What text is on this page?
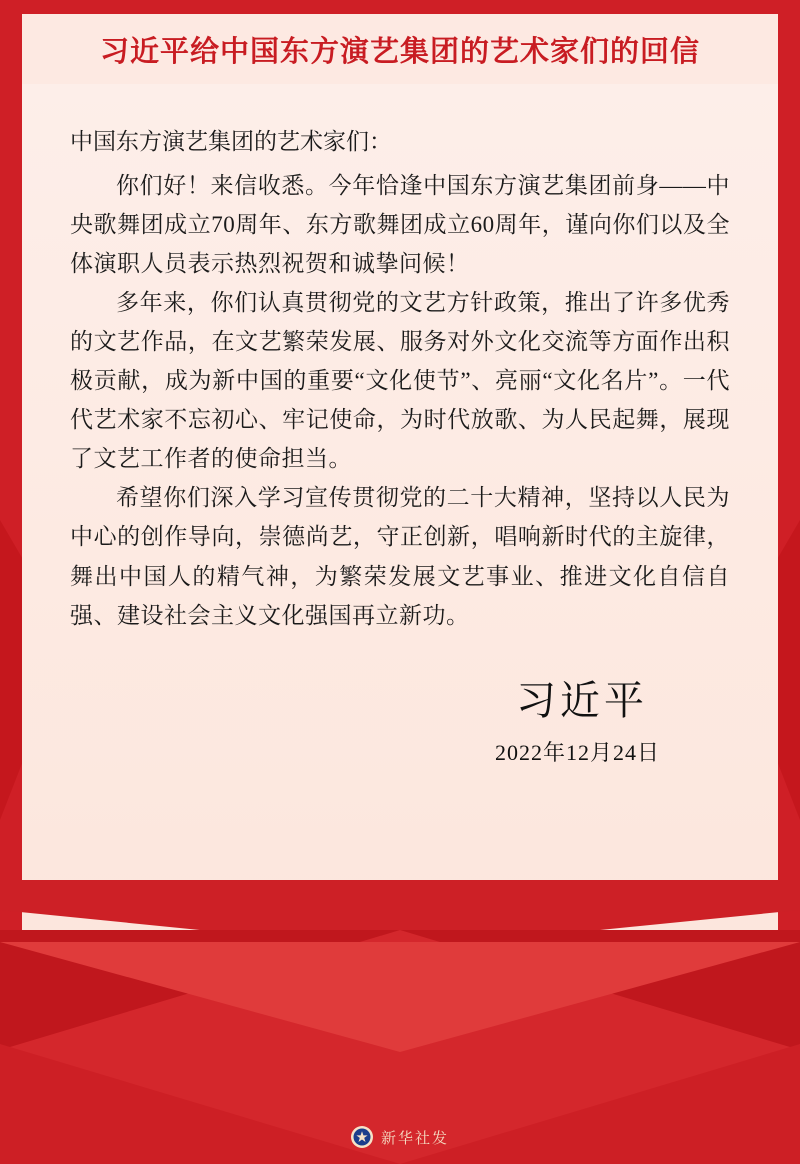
习近平给中国东方演艺集团的艺术家们的回信

中国东方演艺集团的艺术家们：

你们好！来信收悉。今年恰逢中国东方演艺集团前身——中央歌舞团成立70周年、东方歌舞团成立60周年，谨向你们以及全体演职人员表示热烈祝贺和诚挚问候！

多年来，你们认真贯彻党的文艺方针政策，推出了许多优秀的文艺作品，在文艺繁荣发展、服务对外文化交流等方面作出积极贡献，成为新中国的重要“文化使节”、亮丽“文化名片”。一代代艺术家不忘初心、牢记使命，为时代放歌、为人民起舞，展现了文艺工作者的使命担当。

希望你们深入学习宣传贯彻党的二十大精神，坚持以人民为中心的创作导向，崇德尚艺，守正创新，唱响新时代的主旋律，舞出中国人的精气神，为繁荣发展文艺事业、推进文化自信自强、建设社会主义文化强国再立新功。

习近平
2022年12月24日
新华社发
